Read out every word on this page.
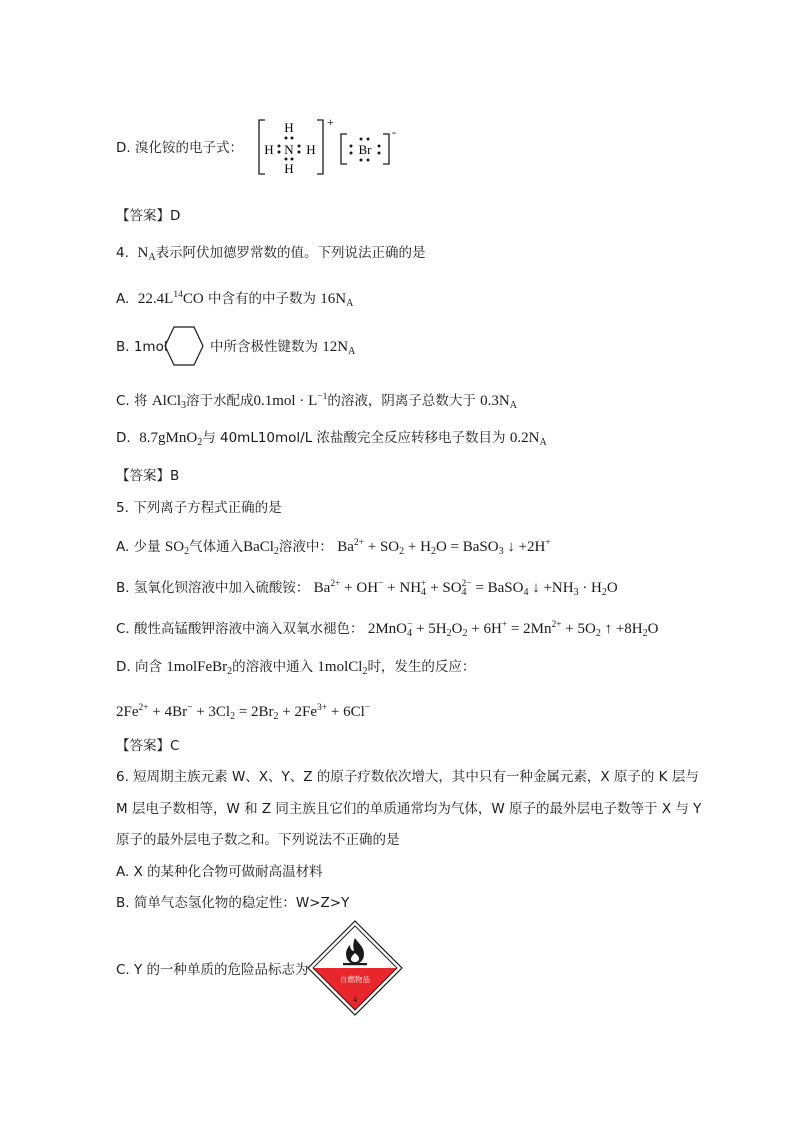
D. 溴化铵的电子式：
H
H N H
H
+
Br
-
【答案】D
4. $N_A$表示阿伏加德罗常数的值。下列说法正确的是
A. $22.4L^{14}CO$ 中含有的中子数为 $16N_A$
B. 1mol	中所含极性键数为 $12N_A$
C. 将 AlCl$_3$溶于水配成$0.1mol \cdot L^{-1}$的溶液，阴离子总数大于 $0.3N_A$
D. 8.7gMnO$_2$与 40mL10mol/L 浓盐酸完全反应转移电子数目为 $0.2N_A$
【答案】B
5. 下列离子方程式正确的是
A. 少量 $SO_2$气体通入BaCl$_2$溶液中： $Ba^{2+} + SO_2 + H_2O$ = BaSO$_3$ ↓ +2H+
B. 氢氧化钡溶液中加入硫酸铵： $Ba^{2+} + OH^- + NH_4^+ + SO_4^{2-}$ = BaSO$_4$ ↓ $+NH_3 \cdot H_2O$
C. 酸性高锰酸钾溶液中滴入双氧水褪色： $2MnO_4^- + 5H_2O_2 + 6H^+ = 2Mn^{2+} + 5O_2$ ↑ $+8H_2O$
D. 向含 1molFeBr$_2$的溶液中通入 1molCl$_2$时，发生的反应：
$2Fe^{2+} + 4Br^- + 3Cl_2 = 2Br_2 + 2Fe^{3+} + 6Cl^-$
【答案】C
6. 短周期主族元素 W、X、Y、Z 的原子疗数依次增大，其中只有一种金属元素，X 原子的 K 层与
M 层电子数相等，W 和 Z 同主族且它们的单质通常均为气体，W 原子的最外层电子数等于 X 与 Y
原子的最外层电子数之和。下列说法不正确的是
A. X 的某种化合物可做耐高温材料
B. 简单气态氢化物的稳定性：W>Z>Y
C. Y 的一种单质的危险品标志为
自燃物品
4
